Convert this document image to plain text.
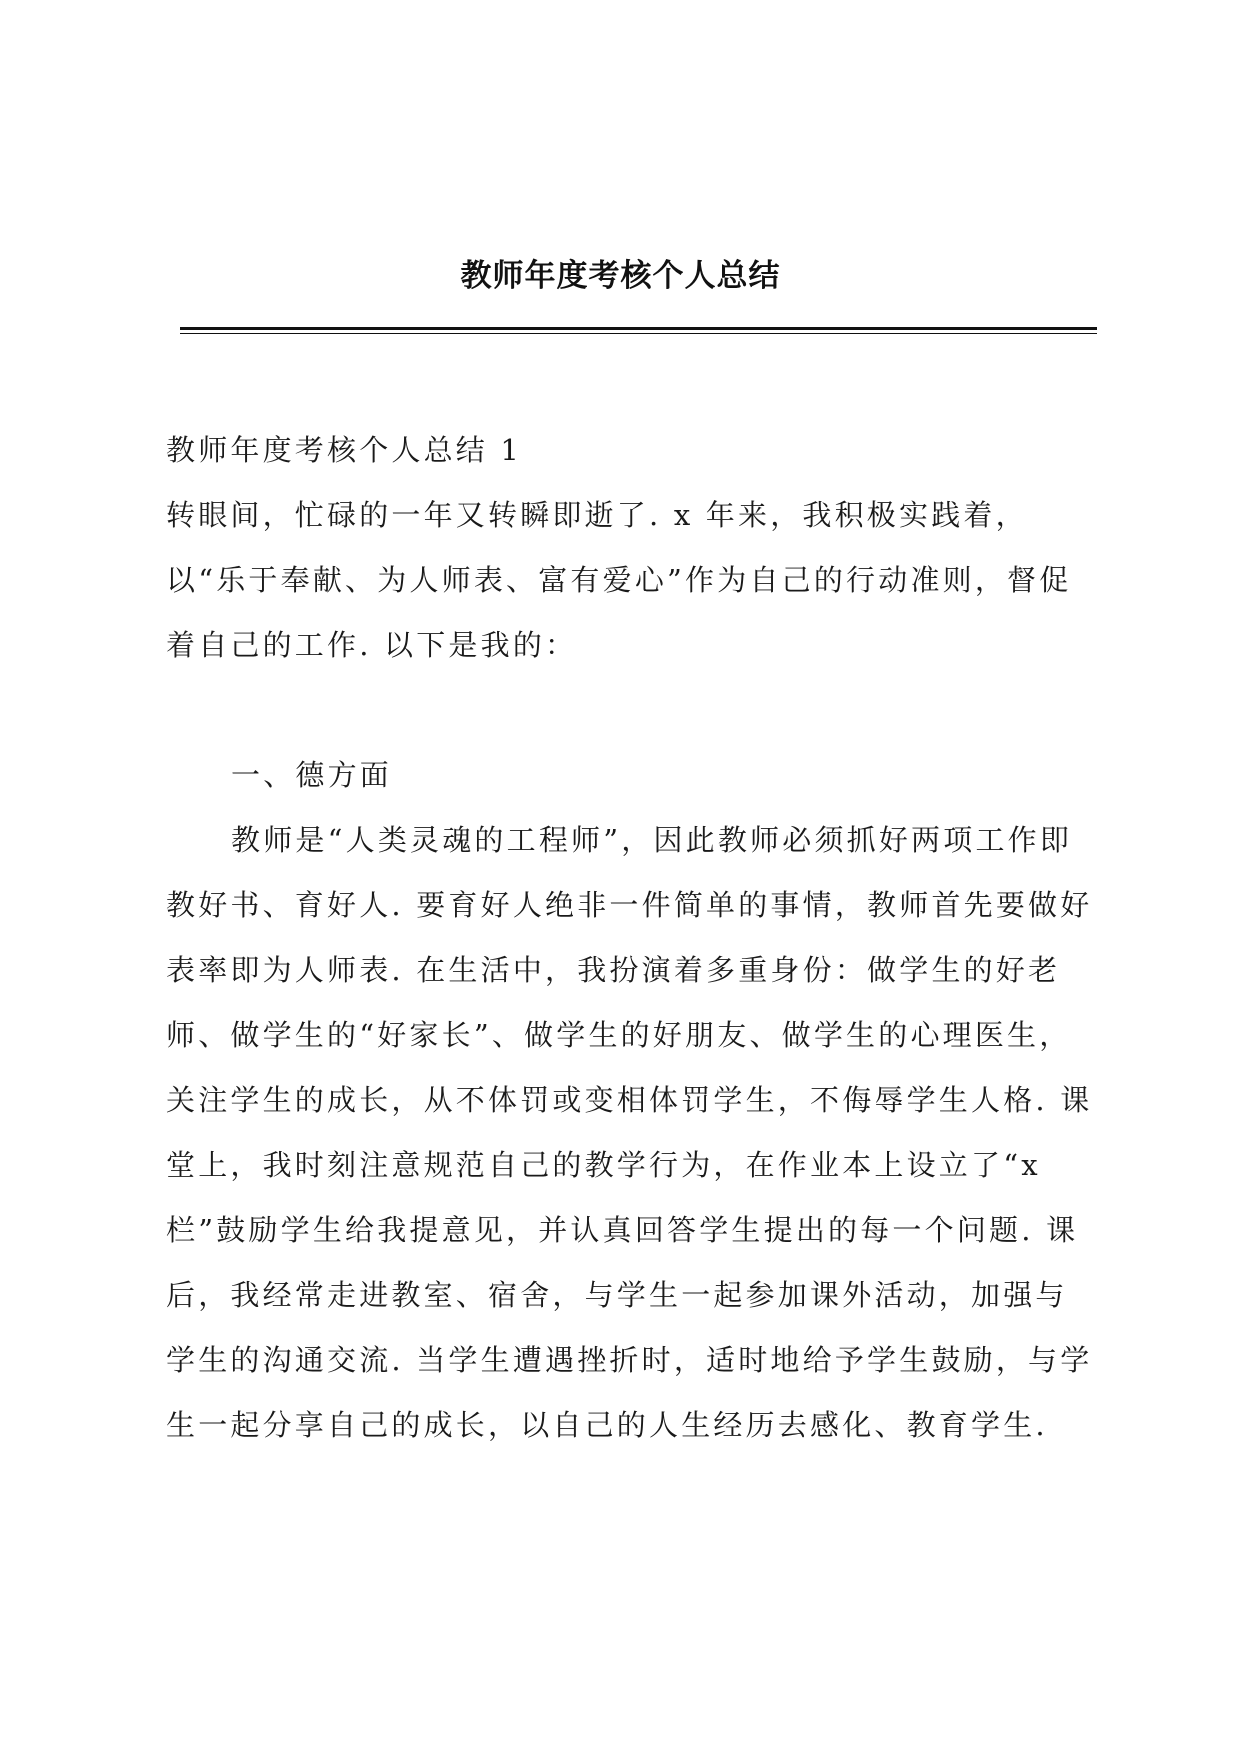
教师年度考核个人总结

教师年度考核个人总结 1

转眼间，忙碌的一年又转瞬即逝了. x 年来，我积极实践着，以“乐于奉献、为人师表、富有爱心”作为自己的行动准则，督促着自己的工作. 以下是我的：

一、德方面

教师是“人类灵魂的工程师”，因此教师必须抓好两项工作即教好书、育好人. 要育好人绝非一件简单的事情，教师首先要做好表率即为人师表. 在生活中，我扮演着多重身份：做学生的好老师、做学生的“好家长”、做学生的好朋友、做学生的心理医生，关注学生的成长，从不体罚或变相体罚学生，不侮辱学生人格. 课堂上，我时刻注意规范自己的教学行为，在作业本上设立了“x 栏”鼓励学生给我提意见，并认真回答学生提出的每一个问题. 课后，我经常走进教室、宿舍，与学生一起参加课外活动，加强与学生的沟通交流. 当学生遭遇挫折时，适时地给予学生鼓励，与学生一起分享自己的成长，以自己的人生经历去感化、教育学生.
